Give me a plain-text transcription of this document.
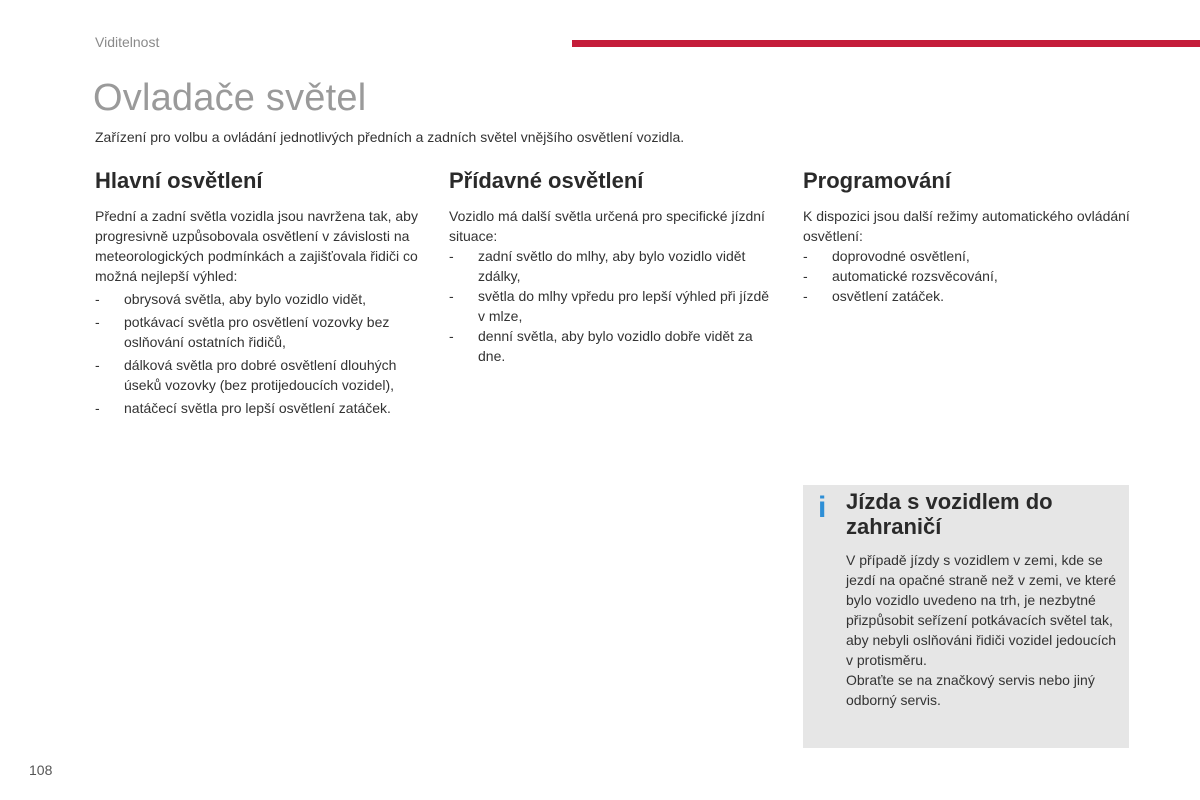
Viditelnost
Ovladače světel

Zařízení pro volbu a ovládání jednotlivých předních a zadních světel vnějšího osvětlení vozidla.

Hlavní osvětlení

Přední a zadní světla vozidla jsou navržena tak, aby progresivně uzpůsobovala osvětlení v závislosti na meteorologických podmínkách a zajišťovala řidiči co možná nejlepší výhled:

- obrysová světla, aby bylo vozidlo vidět,
- potkávací světla pro osvětlení vozovky bez oslňování ostatních řidičů,
- dálková světla pro dobré osvětlení dlouhých úseků vozovky (bez protijedoucích vozidel),
- natáčecí světla pro lepší osvětlení zatáček.
Přídavné osvětlení

Vozidlo má další světla určená pro specifické jízdní situace:

- zadní světlo do mlhy, aby bylo vozidlo vidět zdálky,
- světla do mlhy vpředu pro lepší výhled při jízdě v mlze,
- denní světla, aby bylo vozidlo dobře vidět za dne.
Programování

K dispozici jsou další režimy automatického ovládání osvětlení:

- doprovodné osvětlení,
- automatické rozsvěcování,
- osvětlení zatáček.
i Jízda s vozidlem do zahraničí
V případě jízdy s vozidlem v zemi, kde se jezdí na opačné straně než v zemi, ve které bylo vozidlo uvedeno na trh, je nezbytné přizpůsobit seřízení potkávacích světel tak, aby nebyli oslňováni řidiči vozidel jedoucích v protisměru.
Obraťte se na značkový servis nebo jiný odborný servis.
108
